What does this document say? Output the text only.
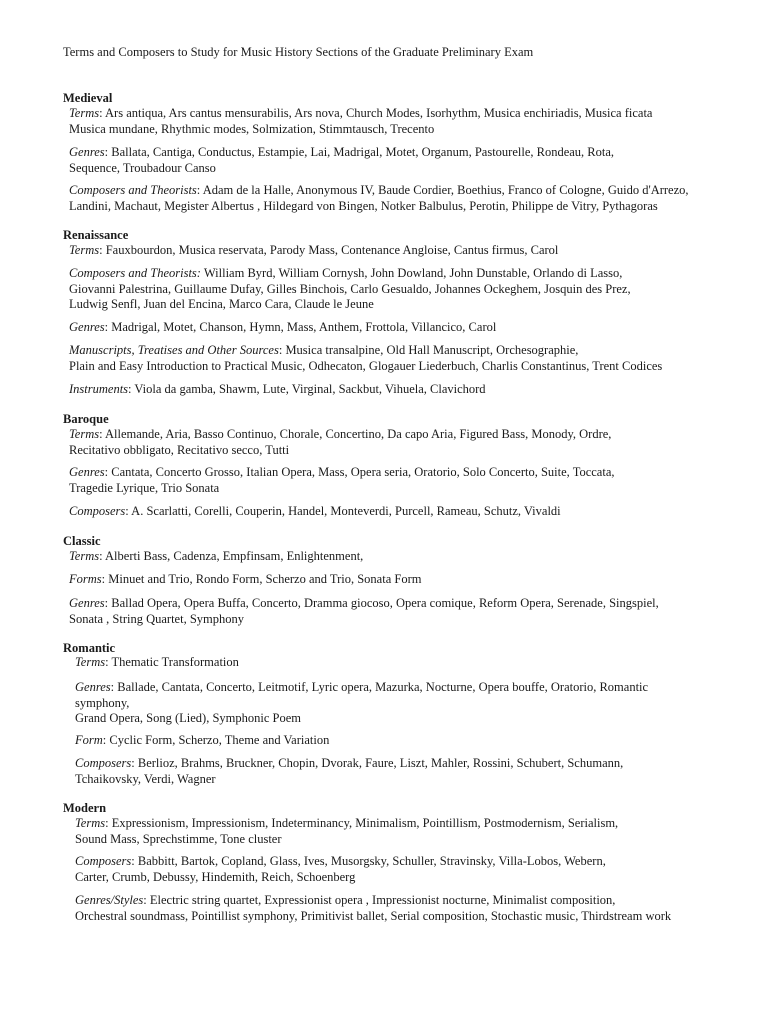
Terms and Composers to Study for Music History Sections of the Graduate Preliminary Exam
Medieval
Terms: Ars antiqua, Ars cantus mensurabilis, Ars nova, Church Modes, Isorhythm, Musica enchiriadis, Musica ficata
Musica mundane, Rhythmic modes, Solmization, Stimmtausch, Trecento
Genres: Ballata, Cantiga, Conductus, Estampie, Lai, Madrigal, Motet, Organum, Pastourelle, Rondeau, Rota,
Sequence, Troubadour Canso
Composers and Theorists: Adam de la Halle, Anonymous IV, Baude Cordier, Boethius, Franco of Cologne, Guido d'Arrezo,
Landini, Machaut, Megister Albertus , Hildegard von Bingen, Notker Balbulus, Perotin, Philippe de Vitry, Pythagoras
Renaissance
Terms: Fauxbourdon, Musica reservata, Parody Mass, Contenance Angloise, Cantus firmus, Carol
Composers and Theorists: William Byrd, William Cornysh, John Dowland, John Dunstable, Orlando di Lasso,
Giovanni Palestrina, Guillaume Dufay, Gilles Binchois, Carlo Gesualdo, Johannes Ockeghem, Josquin des Prez,
Ludwig Senfl, Juan del Encina, Marco Cara, Claude le Jeune
Genres: Madrigal, Motet, Chanson, Hymn, Mass, Anthem, Frottola, Villancico, Carol
Manuscripts, Treatises and Other Sources: Musica transalpine, Old Hall Manuscript, Orchesographie,
Plain and Easy Introduction to Practical Music, Odhecaton, Glogauer Liederbuch, Charlis Constantinus, Trent Codices
Instruments: Viola da gamba, Shawm, Lute, Virginal, Sackbut, Vihuela, Clavichord
Baroque
Terms: Allemande, Aria, Basso Continuo, Chorale, Concertino, Da capo Aria, Figured Bass, Monody, Ordre,
Recitativo obbligato, Recitativo secco, Tutti
Genres: Cantata, Concerto Grosso, Italian Opera, Mass, Opera seria, Oratorio, Solo Concerto, Suite, Toccata,
Tragedie Lyrique, Trio Sonata
Composers: A. Scarlatti, Corelli, Couperin, Handel, Monteverdi, Purcell, Rameau, Schutz, Vivaldi
Classic
Terms: Alberti Bass, Cadenza, Empfinsam, Enlightenment,
Forms: Minuet and Trio, Rondo Form, Scherzo and Trio, Sonata Form
Genres: Ballad Opera, Opera Buffa, Concerto, Dramma giocoso, Opera comique, Reform Opera, Serenade, Singspiel,
Sonata , String Quartet, Symphony
Romantic
Terms: Thematic Transformation
Genres: Ballade, Cantata, Concerto, Leitmotif, Lyric opera, Mazurka, Nocturne, Opera bouffe, Oratorio, Romantic
symphony,
Grand Opera, Song (Lied), Symphonic Poem
Form: Cyclic Form, Scherzo, Theme and Variation
Composers: Berlioz, Brahms, Bruckner, Chopin, Dvorak, Faure, Liszt, Mahler, Rossini, Schubert, Schumann,
Tchaikovsky, Verdi, Wagner
Modern
Terms: Expressionism, Impressionism, Indeterminancy, Minimalism, Pointillism, Postmodernism, Serialism,
Sound Mass, Sprechstimme, Tone cluster
Composers: Babbitt, Bartok, Copland, Glass, Ives, Musorgsky, Schuller, Stravinsky, Villa-Lobos, Webern,
Carter, Crumb, Debussy, Hindemith, Reich, Schoenberg
Genres/Styles: Electric string quartet, Expressionist opera , Impressionist nocturne, Minimalist composition,
Orchestral soundmass, Pointillist symphony, Primitivist ballet, Serial composition, Stochastic music, Thirdstream work
